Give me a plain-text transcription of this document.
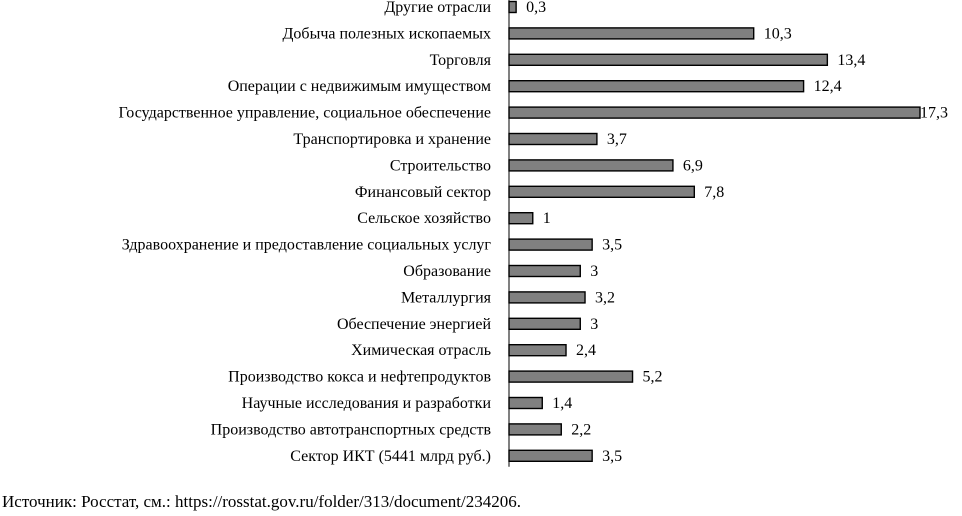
Другие отрасли
Добыча полезных ископаемых
Торговля
Операции с недвижимым имуществом
Государственное управление, социальное обеспечение
Транспортировка и хранение
Строительство
Финансовый сектор
Сельское хозяйство
Здравоохранение и предоставление социальных услуг
Образование
Металлургия
Обеспечение энергией
Химическая отрасль
Производство кокса и нефтепродуктов
Научные исследования и разработки
Производство автотранспортных средств
Сектор ИКТ (5441 млрд руб.)
0,3
10,3
13,4
12,4
17,3
3,7
6,9
7,8
1
3,5
3
3,2
3
2,4
5,2
1,4
2,2
3,5
Источник: Росстат, см.: https://rosstat.gov.ru/folder/313/document/234206.
